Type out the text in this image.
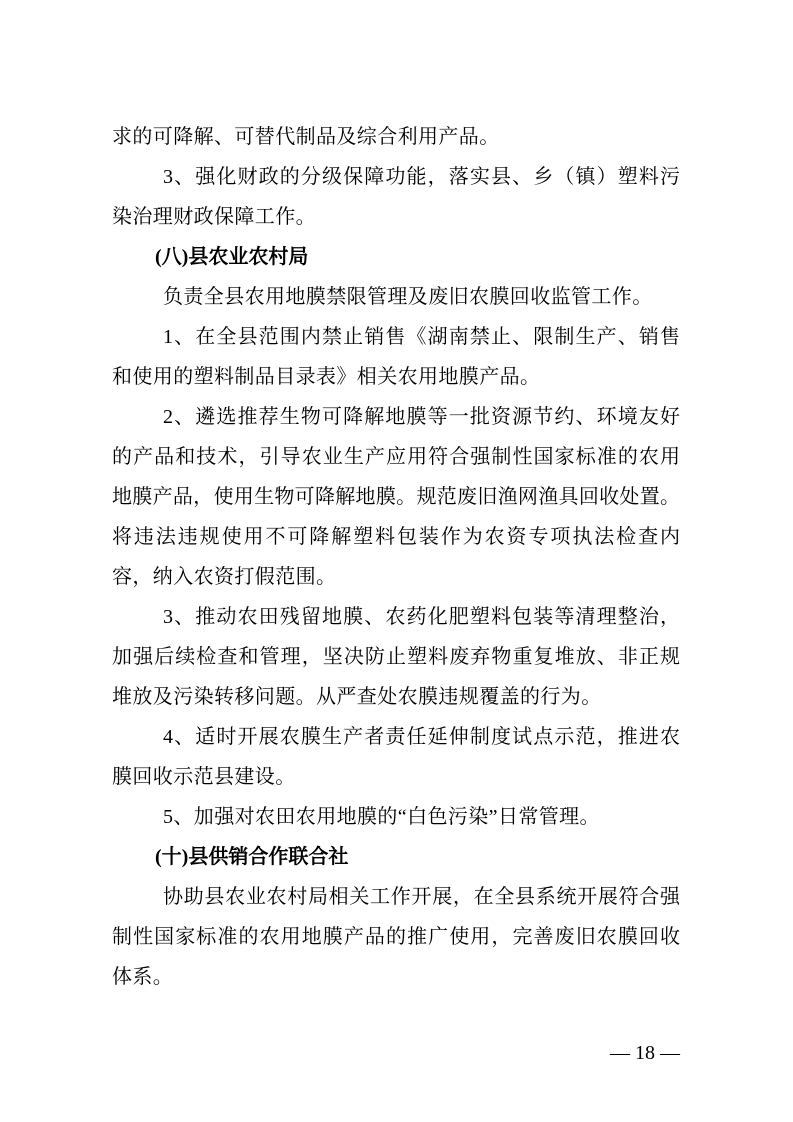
求的可降解、可替代制品及综合利用产品。
3、强化财政的分级保障功能，落实县、乡（镇）塑料污
染治理财政保障工作。
(八)县农业农村局
负责全县农用地膜禁限管理及废旧农膜回收监管工作。
1、在全县范围内禁止销售《湖南禁止、限制生产、销售
和使用的塑料制品目录表》相关农用地膜产品。
2、遴选推荐生物可降解地膜等一批资源节约、环境友好
的产品和技术，引导农业生产应用符合强制性国家标准的农用
地膜产品，使用生物可降解地膜。规范废旧渔网渔具回收处置。
将违法违规使用不可降解塑料包装作为农资专项执法检查内
容，纳入农资打假范围。
3、推动农田残留地膜、农药化肥塑料包装等清理整治，
加强后续检查和管理，坚决防止塑料废弃物重复堆放、非正规
堆放及污染转移问题。从严查处农膜违规覆盖的行为。
4、适时开展农膜生产者责任延伸制度试点示范，推进农
膜回收示范县建设。
5、加强对农田农用地膜的“白色污染”日常管理。
(十)县供销合作联合社
协助县农业农村局相关工作开展，在全县系统开展符合强
制性国家标准的农用地膜产品的推广使用，完善废旧农膜回收
体系。
— 18 —
